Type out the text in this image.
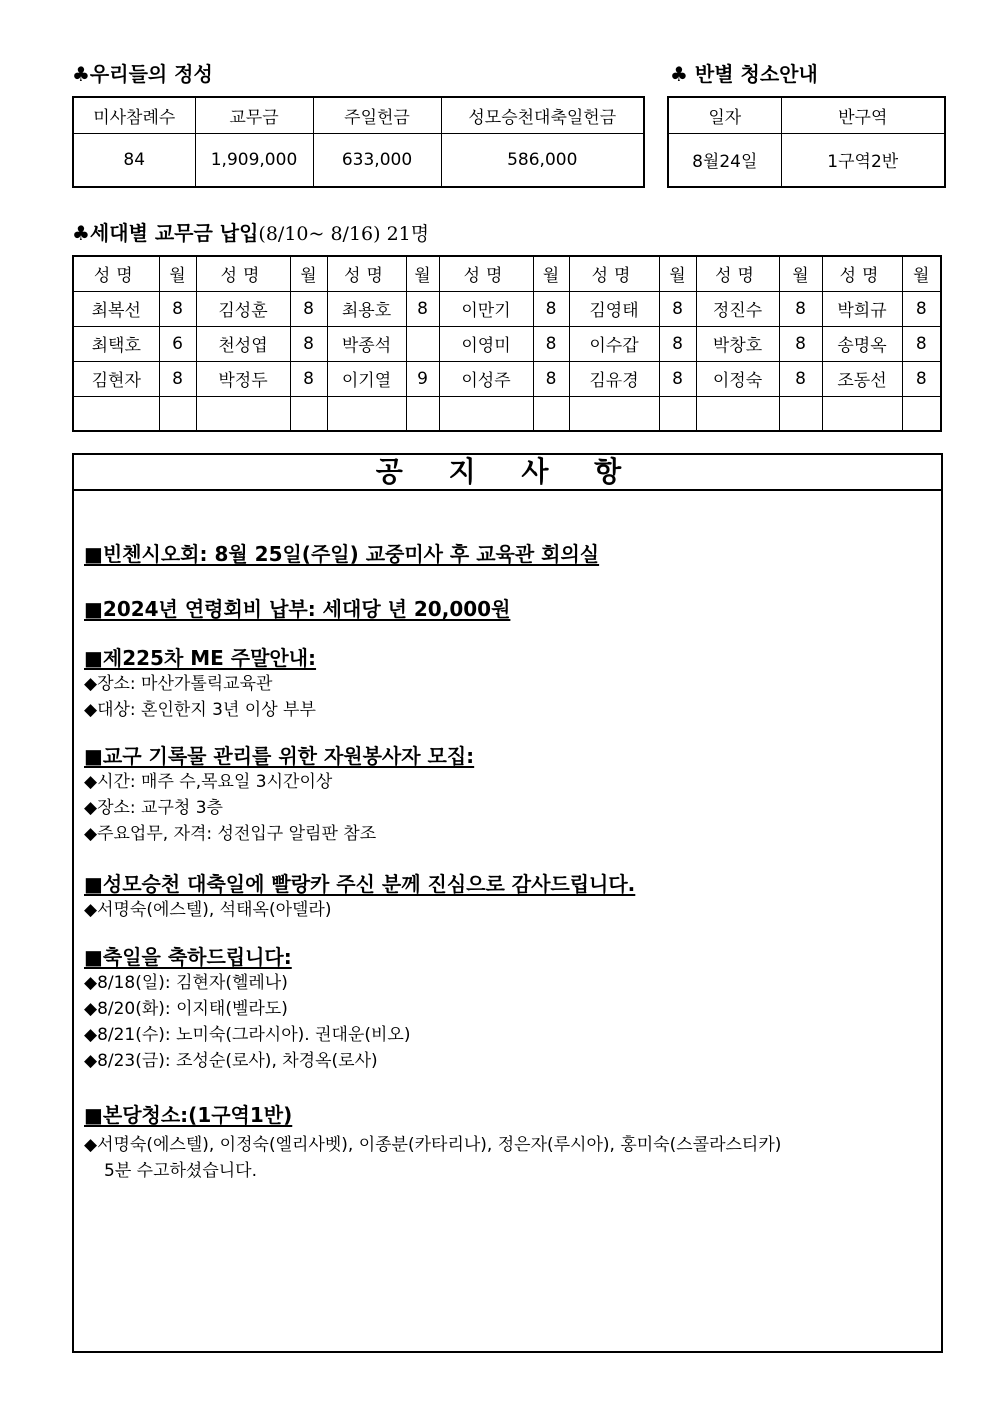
♣우리들의 정성	♣ 반별 청소안내
미사참례수	교무금	주일헌금	성모승천대축일헌금
84	1,909,000	633,000	586,000
일자	반구역
8월24일	1구역2반
♣세대별 교무금 납입(8/10~ 8/16) 21명
성명	월	성명	월	성명	월	성명	월	성명	월	성명	월	성명	월
최복선	8	김성훈	8	최용호	8	이만기	8	김영태	8	정진수	8	박희규	8
최택호	6	천성엽	8	박종석		이영미	8	이수갑	8	박창호	8	송명옥	8
김현자	8	박정두	8	이기열	9	이성주	8	김유경	8	이정숙	8	조동선	8

공 지 사 항
■빈첸시오회: 8월 25일(주일) 교중미사 후 교육관 회의실
■2024년 연령회비 납부: 세대당 년 20,000원
■제225차 ME 주말안내:
◆장소: 마산가톨릭교육관
◆대상: 혼인한지 3년 이상 부부
■교구 기록물 관리를 위한 자원봉사자 모집:
◆시간: 매주 수,목요일 3시간이상
◆장소: 교구청 3층
◆주요업무, 자격: 성전입구 알림판 참조
■성모승천 대축일에 빨랑카 주신 분께 진심으로 감사드립니다.
◆서명숙(에스텔), 석태옥(아델라)
■축일을 축하드립니다:
◆8/18(일): 김현자(헬레나)
◆8/20(화): 이지태(벨라도)
◆8/21(수): 노미숙(그라시아). 권대운(비오)
◆8/23(금): 조성순(로사), 차경옥(로사)
■본당청소:(1구역1반)
◆서명숙(에스텔), 이정숙(엘리사벳), 이종분(카타리나), 정은자(루시아), 홍미숙(스콜라스티카)
5분 수고하셨습니다.
